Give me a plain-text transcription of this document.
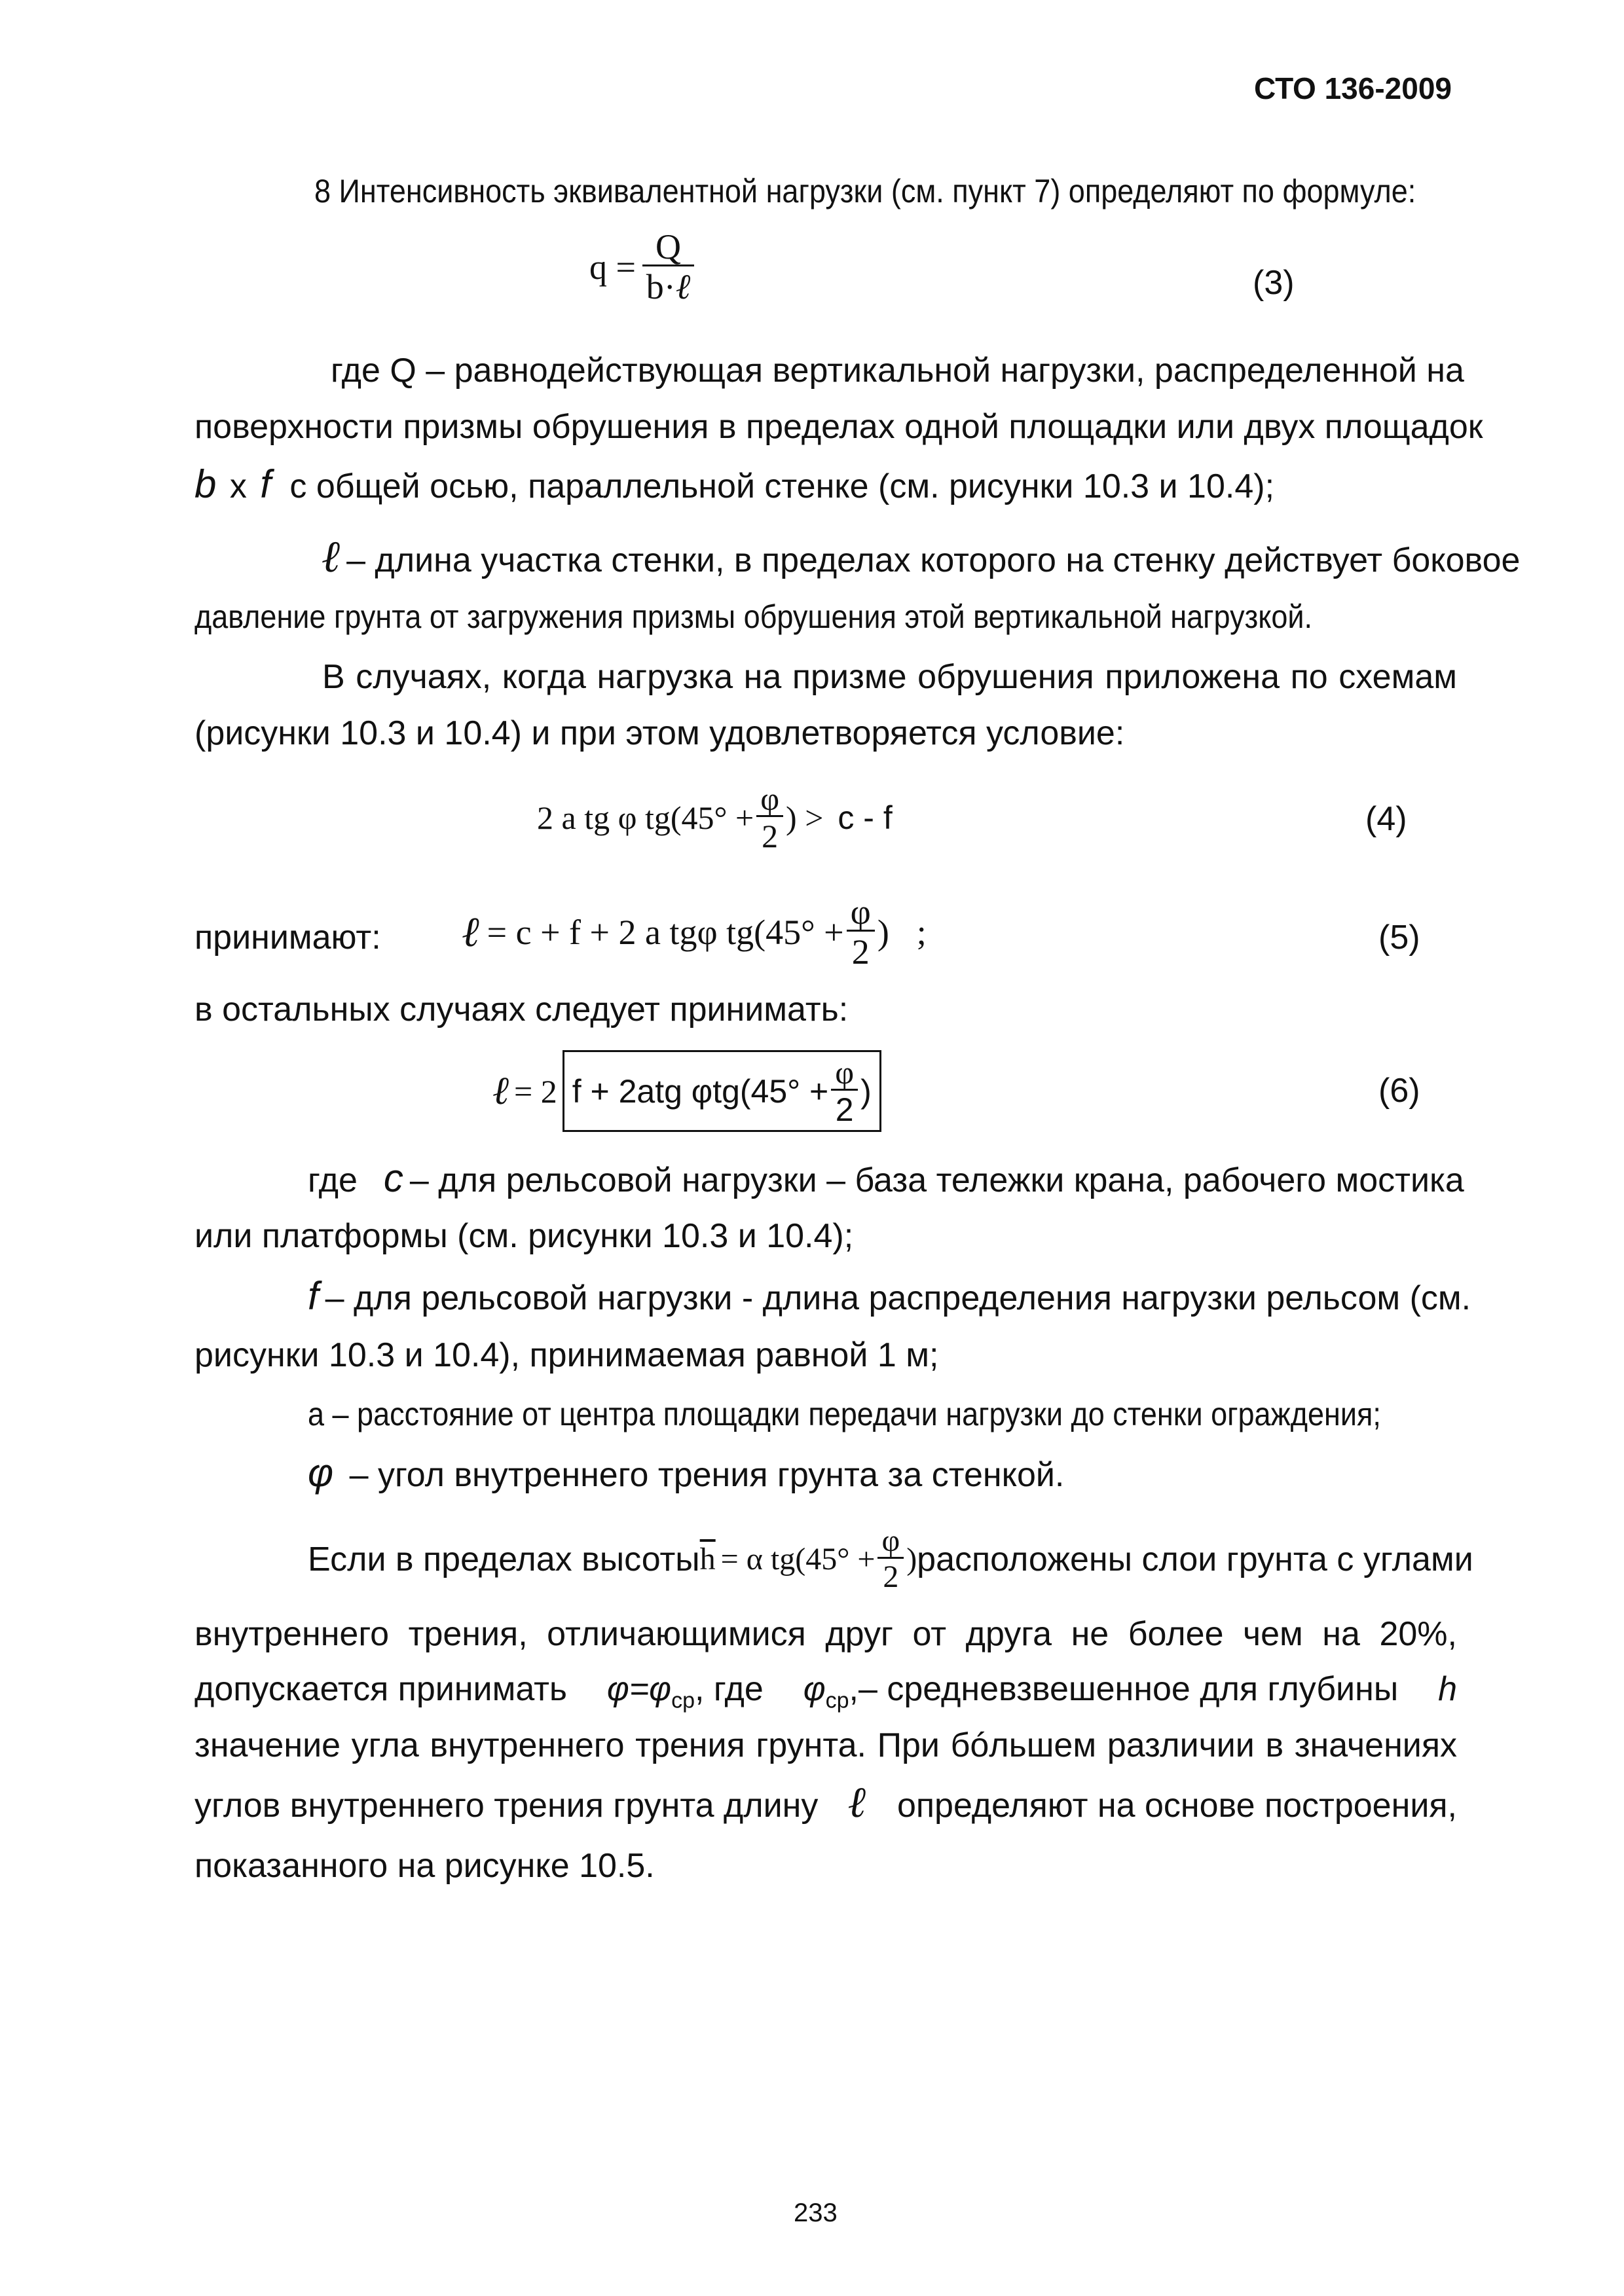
СТО 136-2009
8 Интенсивность эквивалентной нагрузки (см. пункт 7) определяют по формуле:
$q = \frac{Q}{\text{b·ℓ}}$	(3)
где Q – равнодействующая вертикальной нагрузки, распределенной на
поверхности призмы обрушения в пределах одной площадки или двух площадок
b x f с общей осью, параллельной стенке (см. рисунки 10.3 и 10.4);
ℓ – длина участка стенки, в пределах которого на стенку действует боковое
давление грунта от загружения призмы обрушения этой вертикальной нагрузкой.
В случаях, когда нагрузка на призме обрушения приложена по схемам
(рисунки 10.3 и 10.4) и при этом удовлетворяется условие:
2 a tg φ $tg(45^\circ + \frac{\varphi}{2}$ ) > c - f	(4)
принимают: ℓ = c + f + 2 a tgφ $tg(45^\circ + \frac{\varphi}{2}$ ) ;	(5)
в остальных случаях следует принимать:
ℓ = 2 f + 2atg $\varphi tg(45^\circ + \frac{\varphi}{2}$ )	(6)
где c – для рельсовой нагрузки – база тележки крана, рабочего мостика
или платформы (см. рисунки 10.3 и 10.4);
f – для рельсовой нагрузки - длина распределения нагрузки рельсом (см.
рисунки 10.3 и 10.4), принимаемая равной 1 м;
а – расстояние от центра площадки передачи нагрузки до стенки ограждения;
φ – угол внутреннего трения грунта за стенкой.
Если в пределах высоты $\overline{h} = \alpha$ $tg(45^\circ + \frac{\varphi}{2}$ ) расположены слои грунта с углами
внутреннего трения, отличающимися друг от друга не более чем на 20%,
допускается принимать $\varphi=\varphi_{ср}$, где $\varphi_{ср},-$ средневзвешенное для глубины h
значение угла внутреннего трения грунта. При бóльшем различии в значениях
углов внутреннего трения грунта длину ℓ определяют на основе построения,
показанного на рисунке 10.5.
233
